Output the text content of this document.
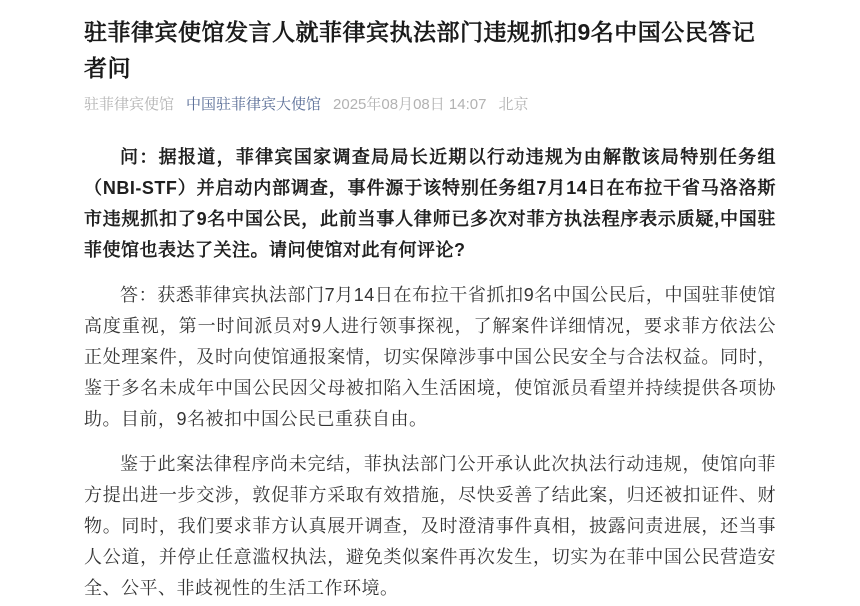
驻菲律宾使馆发言人就菲律宾执法部门违规抓扣9名中国公民答记者问
驻菲律宾使馆 中国驻菲律宾大使馆 2025年08月08日 14:07 北京

问：据报道，菲律宾国家调查局局长近期以行动违规为由解散该局特别任务组（NBI-STF）并启动内部调查，事件源于该特别任务组7月14日在布拉干省马洛洛斯市违规抓扣了9名中国公民，此前当事人律师已多次对菲方执法程序表示质疑,中国驻菲使馆也表达了关注。请问使馆对此有何评论?

答：获悉菲律宾执法部门7月14日在布拉干省抓扣9名中国公民后，中国驻菲使馆高度重视，第一时间派员对9人进行领事探视，了解案件详细情况，要求菲方依法公正处理案件，及时向使馆通报案情，切实保障涉事中国公民安全与合法权益。同时，鉴于多名未成年中国公民因父母被扣陷入生活困境，使馆派员看望并持续提供各项协助。目前，9名被扣中国公民已重获自由。

鉴于此案法律程序尚未完结，菲执法部门公开承认此次执法行动违规，使馆向菲方提出进一步交涉，敦促菲方采取有效措施，尽快妥善了结此案，归还被扣证件、财物。同时，我们要求菲方认真展开调查，及时澄清事件真相，披露问责进展，还当事人公道，并停止任意滥权执法，避免类似案件再次发生，切实为在菲中国公民营造安全、公平、非歧视性的生活工作环境。
